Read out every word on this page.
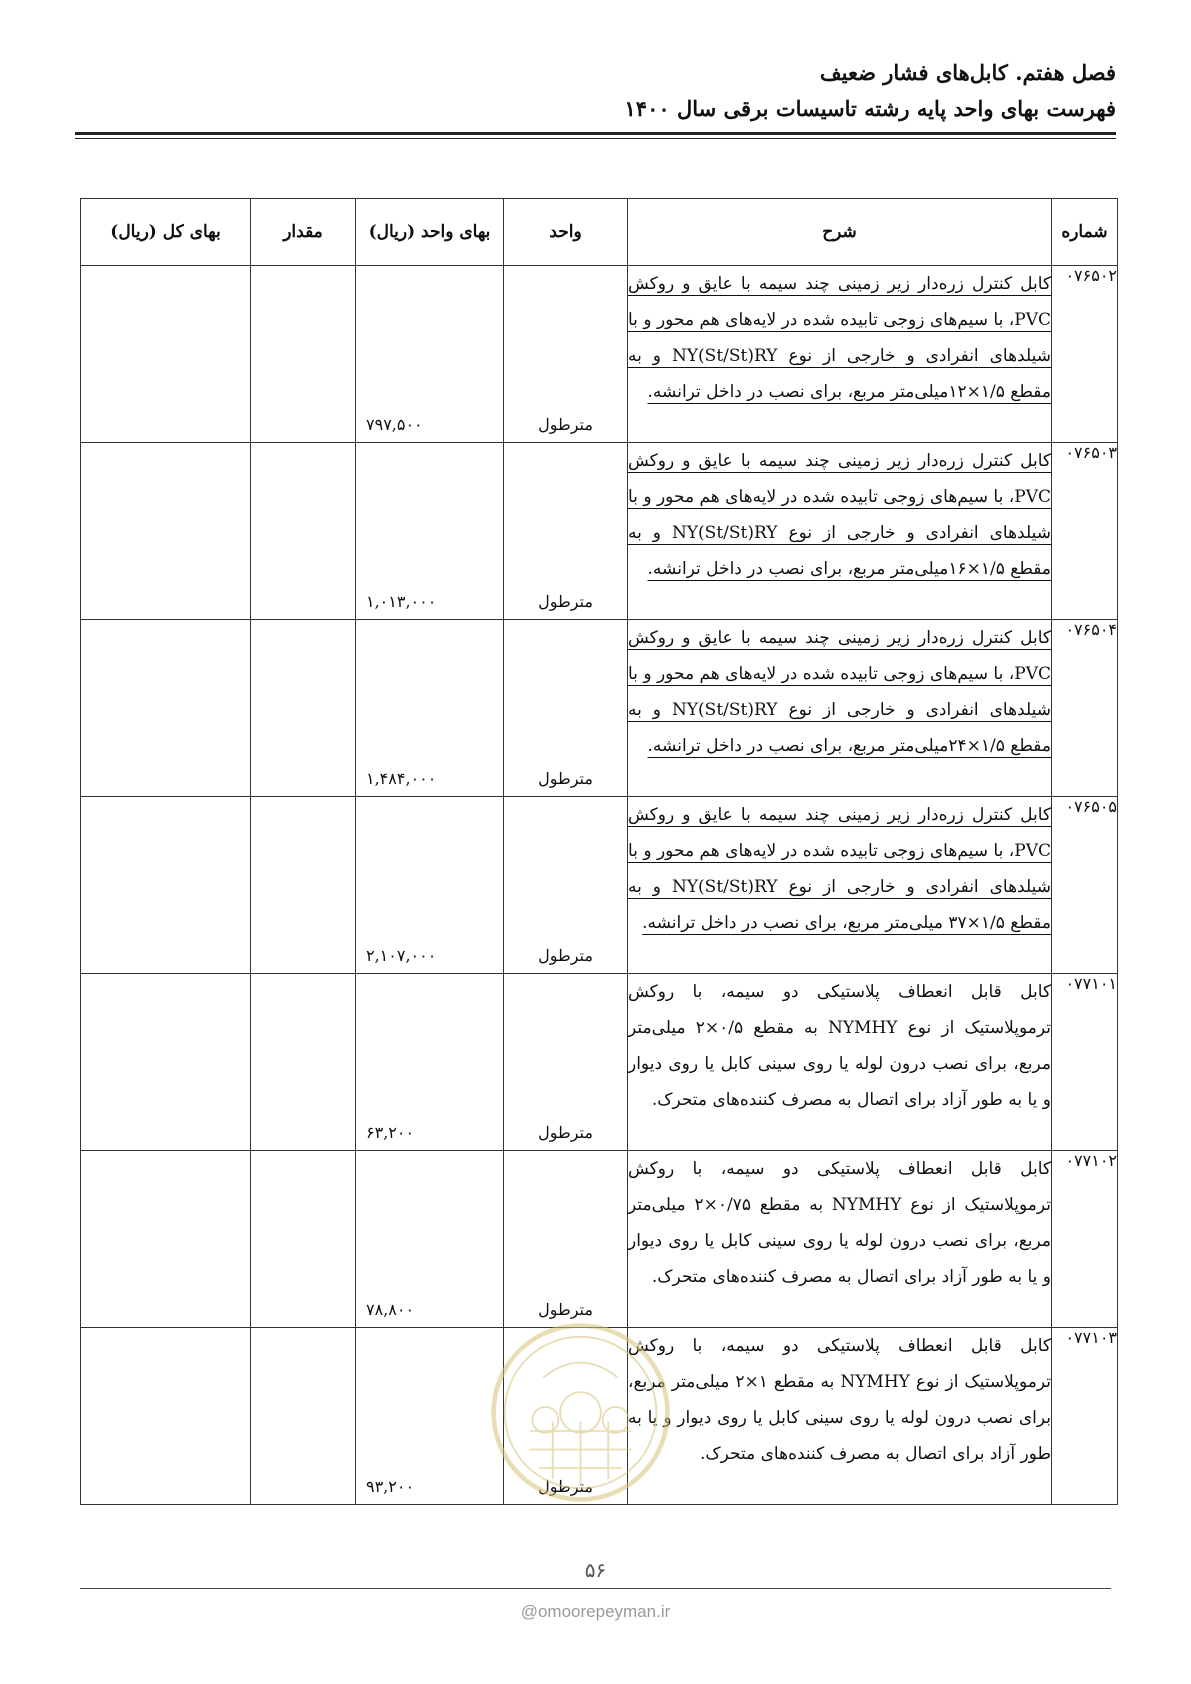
فصل هفتم. کابل‌های فشار ضعیف
فهرست بهای واحد پایه رشته تاسیسات برقی سال ۱۴۰۰
شماره	شرح	واحد	بهای واحد (ریال)	مقدار	بهای کل (ریال)
۰۷۶۵۰۲	کابل کنترل زره‌دار زیر زمینی چند سیمه با عایق و روکش PVC، با سیم‌های زوجی تابیده شده در لایه‌های هم محور و با شیلدهای انفرادی و خارجی از نوع NY(St/St)RY و به مقطع ۱/۵×۱۲میلی‌متر مربع، برای نصب در داخل ترانشه.	مترطول	۷۹۷,۵۰۰		

۰۷۶۵۰۳	کابل کنترل زره‌دار زیر زمینی چند سیمه با عایق و روکش PVC، با سیم‌های زوجی تابیده شده در لایه‌های هم محور و با شیلدهای انفرادی و خارجی از نوع NY(St/St)RY و به مقطع ۱/۵×۱۶میلی‌متر مربع، برای نصب در داخل ترانشه.	مترطول	۱,۰۱۳,۰۰۰		

۰۷۶۵۰۴	کابل کنترل زره‌دار زیر زمینی چند سیمه با عایق و روکش PVC، با سیم‌های زوجی تابیده شده در لایه‌های هم محور و با شیلدهای انفرادی و خارجی از نوع NY(St/St)RY و به مقطع ۱/۵×۲۴میلی‌متر مربع، برای نصب در داخل ترانشه.	مترطول	۱,۴۸۴,۰۰۰		

۰۷۶۵۰۵	کابل کنترل زره‌دار زیر زمینی چند سیمه با عایق و روکش PVC، با سیم‌های زوجی تابیده شده در لایه‌های هم محور و با شیلدهای انفرادی و خارجی از نوع NY(St/St)RY و به مقطع ۱/۵×۳۷ میلی‌متر مربع، برای نصب در داخل ترانشه.	مترطول	۲,۱۰۷,۰۰۰		

۰۷۷۱۰۱	کابل قابل انعطاف پلاستیکی دو سیمه، با روکش ترموپلاستیک از نوع NYMHY به مقطع ۰/۵×۲ میلی‌متر مربع، برای نصب درون لوله یا روی سینی کابل یا روی دیوار و یا به طور آزاد برای اتصال به مصرف کننده‌های متحرک.	مترطول	۶۳,۲۰۰		

۰۷۷۱۰۲	کابل قابل انعطاف پلاستیکی دو سیمه، با روکش ترموپلاستیک از نوع NYMHY به مقطع ۰/۷۵×۲ میلی‌متر مربع، برای نصب درون لوله یا روی سینی کابل یا روی دیوار و یا به طور آزاد برای اتصال به مصرف کننده‌های متحرک.	مترطول	۷۸,۸۰۰		

۰۷۷۱۰۳	کابل قابل انعطاف پلاستیکی دو سیمه، با روکش ترموپلاستیک از نوع NYMHY به مقطع ۱×۲ میلی‌متر مربع، برای نصب درون لوله یا روی سینی کابل یا روی دیوار و یا به طور آزاد برای اتصال به مصرف کننده‌های متحرک.	مترطول	۹۳,۲۰۰		

۵۶
@omoorepeyman.ir
